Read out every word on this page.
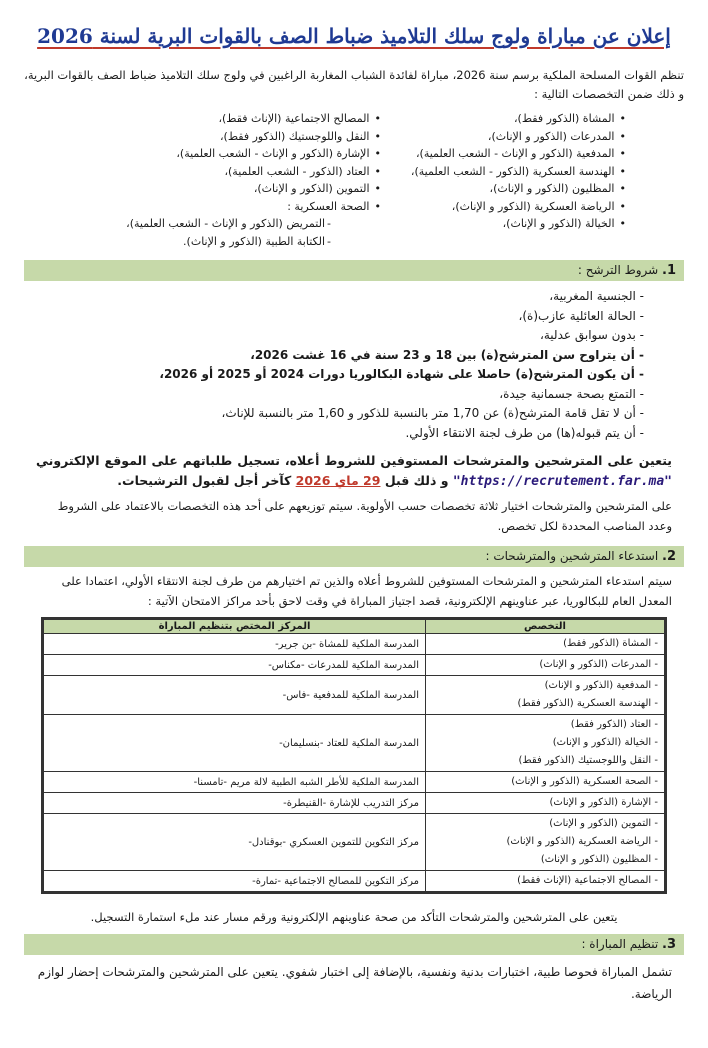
إعلان عن مباراة ولوج سلك التلاميذ ضباط الصف بالقوات البرية لسنة 2026
تنظم القوات المسلحة الملكية برسم سنة 2026، مباراة لفائدة الشباب المغاربة الراغبين في ولوج سلك التلاميذ ضباط الصف بالقوات البرية، و ذلك ضمن التخصصات التالية :
• المشاة (الذكور فقط)،
• المدرعات (الذكور و الإناث)،
• المدفعية (الذكور و الإناث - الشعب العلمية)،
• الهندسة العسكرية (الذكور - الشعب العلمية)،
• المظليون (الذكور و الإناث)،
• الرياضة العسكرية (الذكور و الإناث)،
• الخيالة (الذكور و الإناث)،
• المصالح الاجتماعية (الإناث فقط)،
• النقل واللوجستيك (الذكور فقط)،
• الإشارة (الذكور و الإناث - الشعب العلمية)،
• العتاد (الذكور - الشعب العلمية)،
• التموين (الذكور و الإناث)،
• الصحة العسكرية :
- التمريض (الذكور و الإناث - الشعب العلمية)،
- الكتابة الطبية (الذكور و الإناث).
1. شروط الترشح :
- الجنسية المغربية،
- الحالة العائلية عازب(ة)،
- بدون سوابق عدلية،
- أن يتراوح سن المترشح(ة) بين 18 و 23 سنة في 16 غشت 2026،
- أن يكون المترشح(ة) حاصلا على شهادة البكالوريا دورات 2024 أو 2025 أو 2026،
- التمتع بصحة جسمانية جيدة،
- أن لا تقل قامة المترشح(ة) عن 1,70 متر بالنسبة للذكور و 1,60 متر بالنسبة للإناث،
- أن يتم قبوله(ها) من طرف لجنة الانتقاء الأولي.
يتعين على المترشحين والمترشحات المستوفين للشروط أعلاه، تسجيل طلباتهم على الموقع الإلكتروني "https://recrutement.far.ma" و ذلك قبل 29 ماي 2026 كآخر أجل لقبول الترشيحات.
على المترشحين والمترشحات اختيار ثلاثة تخصصات حسب الأولوية. سيتم توزيعهم على أحد هذه التخصصات بالاعتماد على الشروط وعدد المناصب المحددة لكل تخصص.
2. استدعاء المترشحين والمترشحات :
سيتم استدعاء المترشحين و المترشحات المستوفين للشروط أعلاه والذين تم اختيارهم من طرف لجنة الانتقاء الأولي، اعتمادا على المعدل العام للبكالوريا، عبر عناوينهم الإلكترونية، قصد اجتياز المباراة في وقت لاحق بأحد مراكز الامتحان الآتية :
التخصص	المركز المختص بتنظيم المباراة

- المشاة (الذكور فقط)	المدرسة الملكية للمشاة -بن جرير-

- المدرعات (الذكور و الإناث)	المدرسة الملكية للمدرعات -مكناس-

- المدفعية (الذكور و الإناث)
- الهندسة العسكرية (الذكور فقط)	المدرسة الملكية للمدفعية -فاس-

- العتاد (الذكور فقط)
- الخيالة (الذكور و الإناث)
- النقل واللوجستيك (الذكور فقط)	المدرسة الملكية للعتاد -بنسليمان-

- الصحة العسكرية (الذكور و الإناث)	المدرسة الملكية للأطر الشبه الطبية لالة مريم -تامسنا-

- الإشارة (الذكور و الإناث)	مركز التدريب للإشارة -القنيطرة-

- التموين (الذكور و الإناث)
- الرياضة العسكرية (الذكور و الإناث)
- المظليون (الذكور و الإناث)	مركز التكوين للتموين العسكري -بوقنادل-

- المصالح الاجتماعية (الإناث فقط)	مركز التكوين للمصالح الاجتماعية -تمارة-
يتعين على المترشحين والمترشحات التأكد من صحة عناوينهم الإلكترونية ورقم مسار عند ملء استمارة التسجيل.
3. تنظيم المباراة :
تشمل المباراة فحوصا طبية، اختبارات بدنية ونفسية، بالإضافة إلى اختبار شفوي. يتعين على المترشحين والمترشحات إحضار لوازم الرياضة.
